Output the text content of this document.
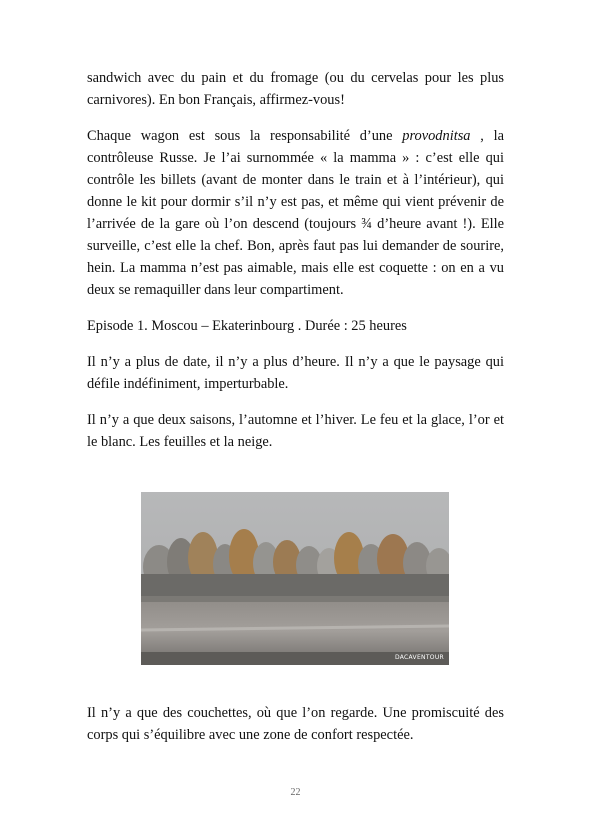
sandwich avec du pain et du fromage (ou du cervelas pour les plus carnivores). En bon Français, affirmez-vous!

Chaque wagon est sous la responsabilité d’une provodnitsa , la contrôleuse Russe. Je l’ai surnommée « la mamma » : c’est elle qui contrôle les billets (avant de monter dans le train et à l’intérieur), qui donne le kit pour dormir s’il n’y est pas, et même qui vient prévenir de l’arrivée de la gare où l’on descend (toujours ¾ d’heure avant !). Elle surveille, c’est elle la chef. Bon, après faut pas lui demander de sourire, hein. La mamma n’est pas aimable, mais elle est coquette : on en a vu deux se remaquiller dans leur compartiment.

Episode 1. Moscou – Ekaterinbourg . Durée : 25 heures

Il n’y a plus de date, il n’y a plus d’heure. Il n’y a que le paysage qui défile indéfiniment, imperturbable.

Il n’y a que deux saisons, l’automne et l’hiver. Le feu et la glace, l’or et le blanc. Les feuilles et la neige.

DACAVENTOUR

Il n’y a que des couchettes, où que l’on regarde. Une promiscuité des corps qui s’équilibre avec une zone de confort respectée.

22
